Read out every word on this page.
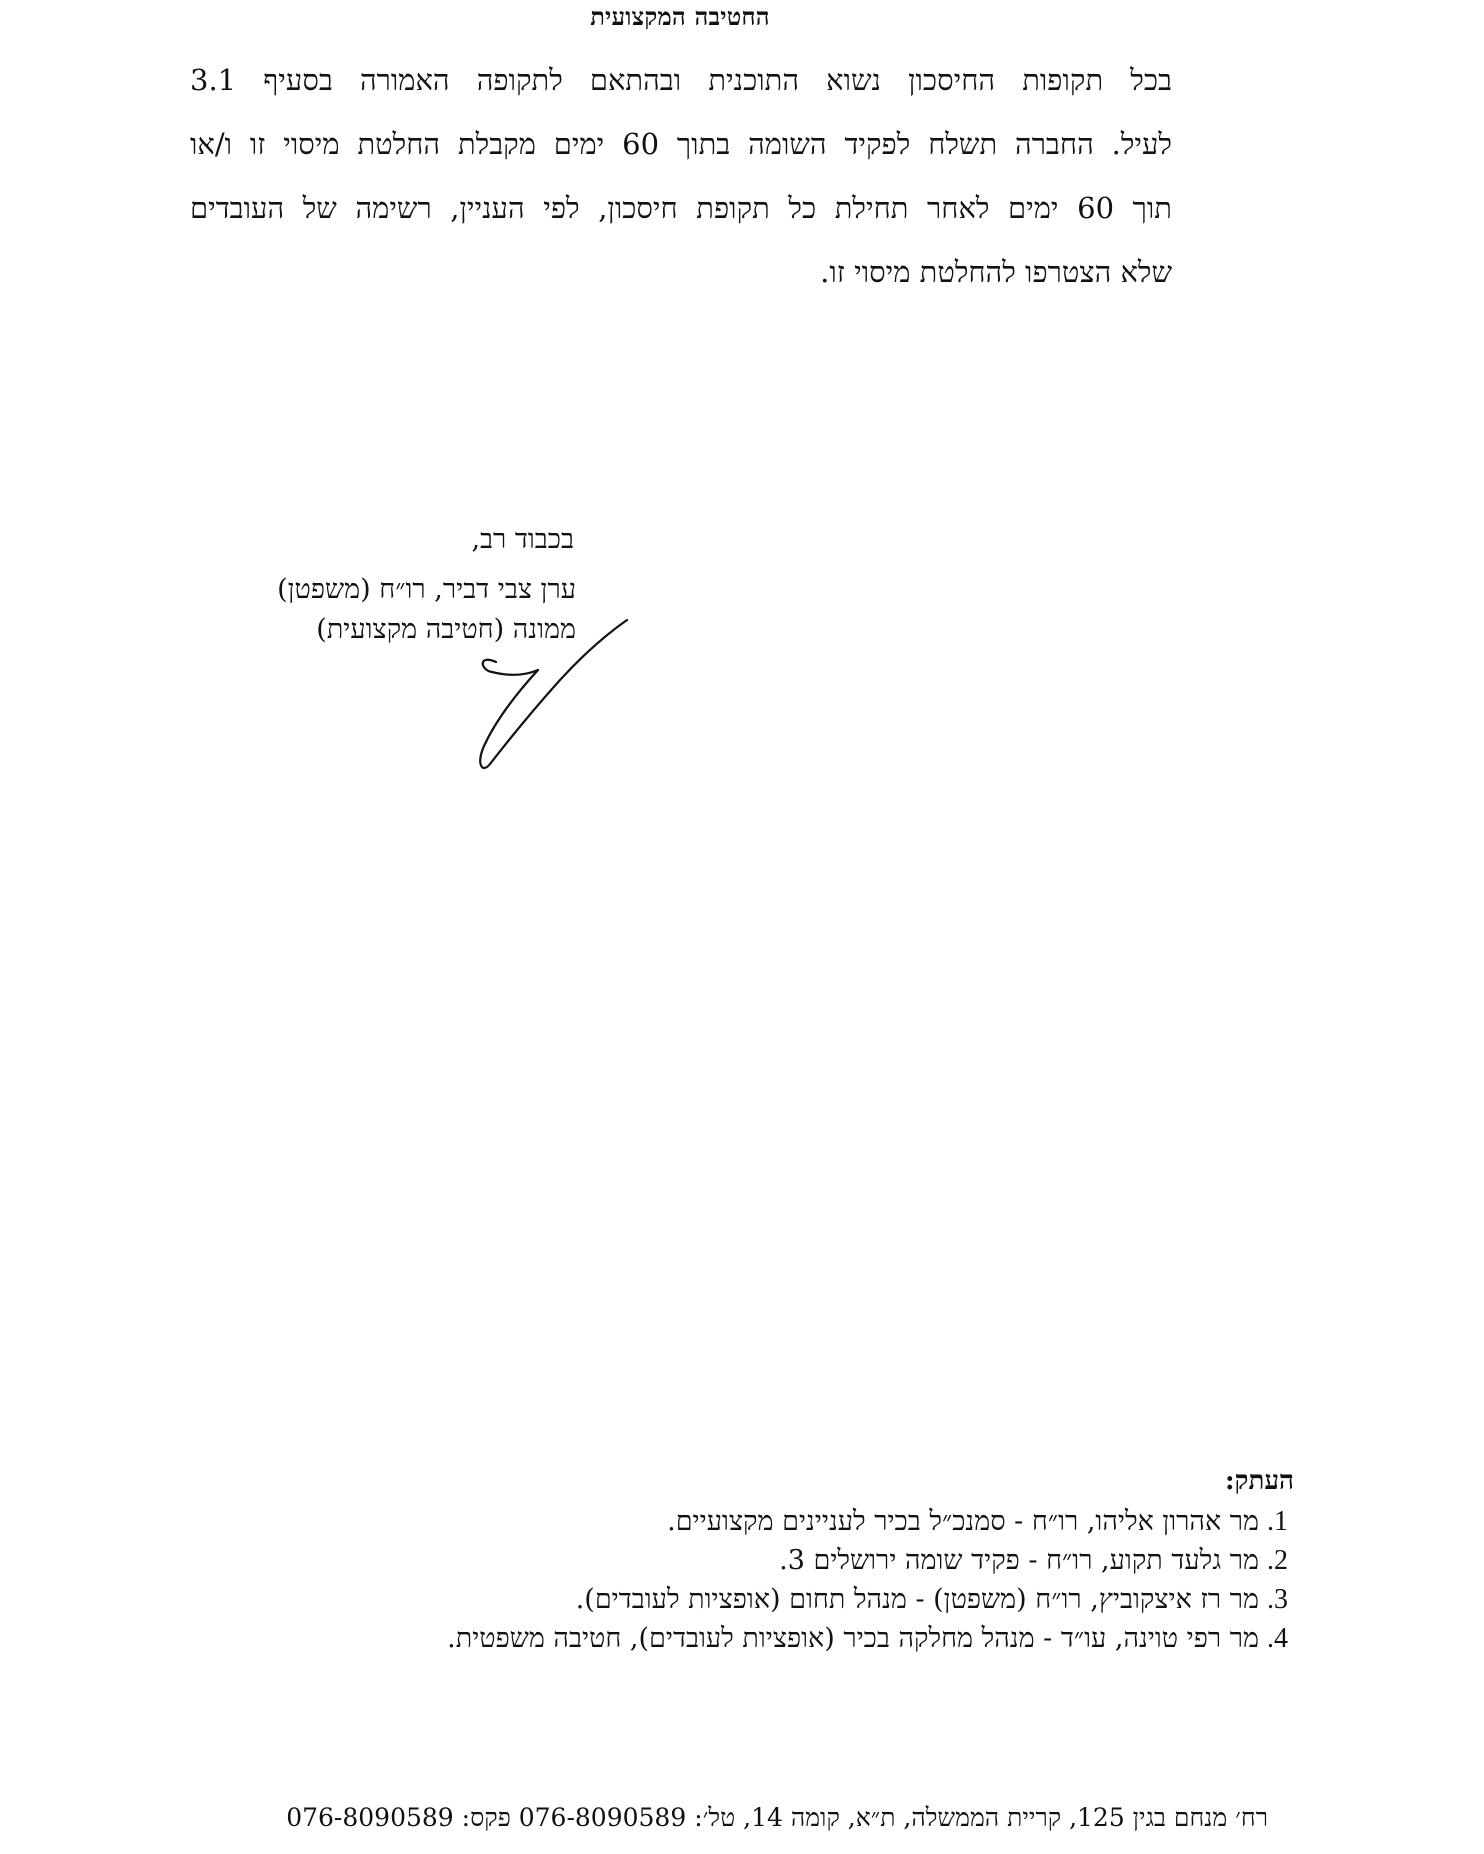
החטיבה המקצועית
בכל תקופות החיסכון נשוא התוכנית ובהתאם לתקופה האמורה בסעיף 3.1
לעיל. החברה תשלח לפקיד השומה בתוך 60 ימים מקבלת החלטת מיסוי זו ו/או
תוך 60 ימים לאחר תחילת כל תקופת חיסכון, לפי העניין, רשימה של העובדים
שלא הצטרפו להחלטת מיסוי זו.
בכבוד רב,
ערן צבי דביר, רו״ח (משפטן)
ממונה (חטיבה מקצועית)
העתק:
1.מר אהרון אליהו, רו״ח - סמנכ״ל בכיר לעניינים מקצועיים.
2.מר גלעד תקוע, רו״ח - פקיד שומה ירושלים 3.
3.מר רז איצקוביץ, רו״ח (משפטן) - מנהל תחום (אופציות לעובדים).
4.מר רפי טוינה, עו״ד - מנהל מחלקה בכיר (אופציות לעובדים), חטיבה משפטית.
רח׳ מנחם בגין 125, קריית הממשלה, ת״א, קומה 14, טל׳: 076-8090589 פקס: 076-8090589
